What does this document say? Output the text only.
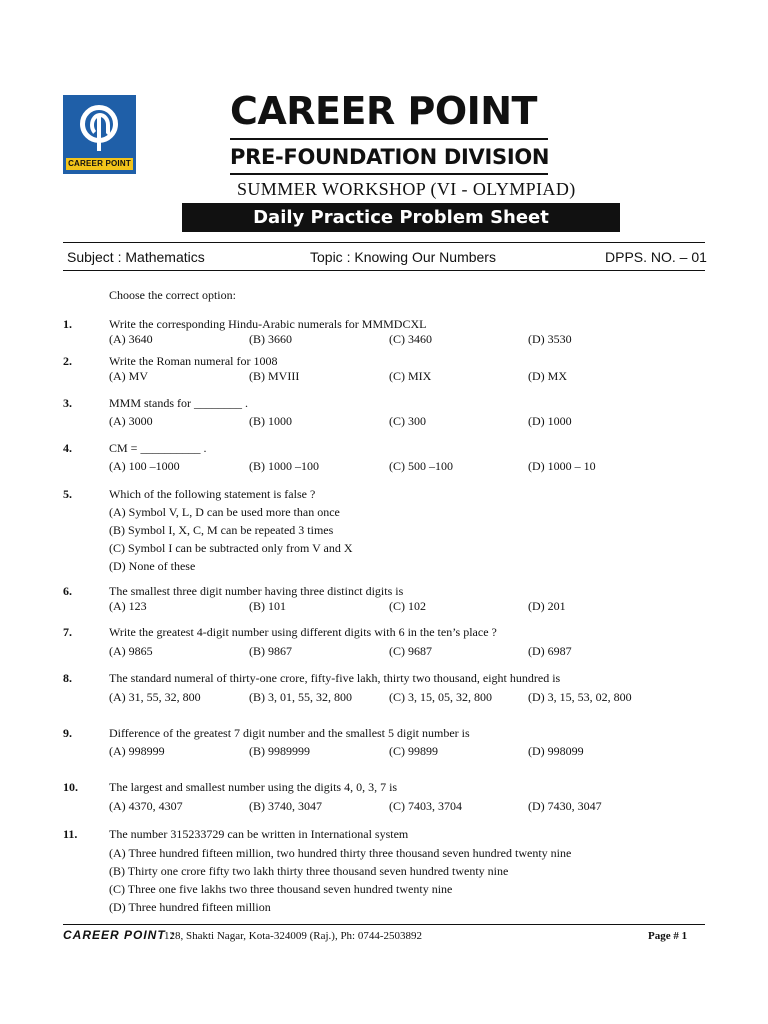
CAREER POINT
CAREER POINT
PRE-FOUNDATION DIVISION
SUMMER WORKSHOP (VI - OLYMPIAD)
Daily Practice Problem Sheet
Subject : Mathematics	Topic : Knowing Our Numbers	DPPS. NO. – 01
Choose the correct option:
1.	Write the corresponding Hindu-Arabic numerals for MMMDCXL
(A) 3640	(B) 3660	(C) 3460	(D) 3530
2.	Write the Roman numeral for 1008
(A) MV	(B) MVIII	(C) MIX	(D) MX
3.	MMM stands for ________ .
(A) 3000	(B) 1000	(C) 300	(D) 1000
4.	CM = __________ .
(A) 100 –1000	(B) 1000 –100	(C) 500 –100	(D) 1000 – 10
5.	Which of the following statement is false ?
(A) Symbol V, L, D can be used more than once
(B) Symbol I, X, C, M can be repeated 3 times
(C) Symbol I can be subtracted only from V and X
(D) None of these
6.	The smallest three digit number having three distinct digits is
(A) 123	(B) 101	(C) 102	(D) 201
7.	Write the greatest 4-digit number using different digits with 6 in the ten’s place ?
(A) 9865	(B) 9867	(C) 9687	(D) 6987
8.	The standard numeral of thirty-one crore, fifty-five lakh, thirty two thousand, eight hundred is
(A) 31, 55, 32, 800	(B) 3, 01, 55, 32, 800	(C) 3, 15, 05, 32, 800	(D) 3, 15, 53, 02, 800
9.	Difference of the greatest 7 digit number and the smallest 5 digit number is
(A) 998999	(B) 9989999	(C) 99899	(D) 998099
10.	The largest and smallest number using the digits 4, 0, 3, 7 is
(A) 4370, 4307	(B) 3740, 3047	(C) 7403, 3704	(D) 7430, 3047
11.	The number 315233729 can be written in International system
(A) Three hundred fifteen million, two hundred thirty three thousand seven hundred twenty nine
(B) Thirty one crore fifty two lakh thirty three thousand seven hundred twenty nine
(C) Three one five lakhs two three thousand seven hundred twenty nine
(D) Three hundred fifteen million
CAREER POINT :
128, Shakti Nagar, Kota-324009 (Raj.), Ph: 0744-2503892	Page # 1
